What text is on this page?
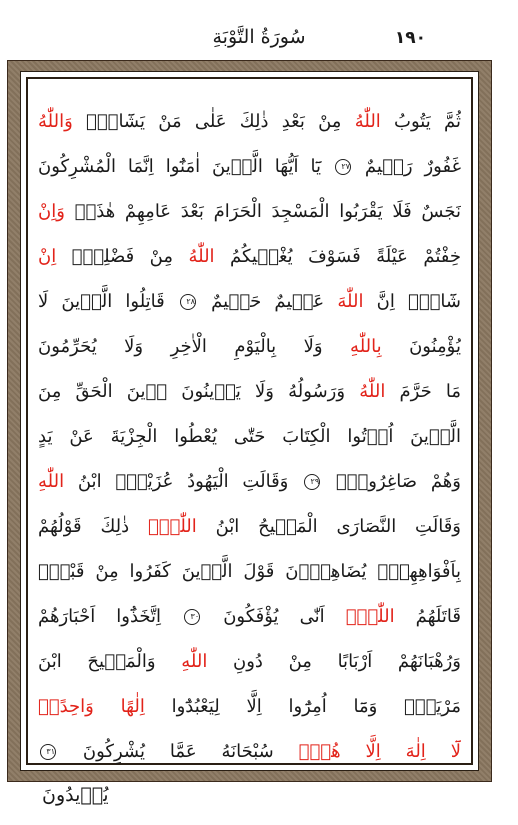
١٩٠
سُورَةُ التَّوْبَةِ
ثُمَّ يَتُوبُ اللّٰهُ مِنْ بَعْدِ ذٰلِكَ عَلٰى مَنْ يَشَٓاءُۜ وَاللّٰهُ
غَفُورٌ رَحٖيمٌ ٢٧ يَٓا اَيُّهَا الَّذٖينَ اٰمَنُٓوا اِنَّمَا الْمُشْرِكُونَ
نَجَسٌ فَلَا يَقْرَبُوا الْمَسْجِدَ الْحَرَامَ بَعْدَ عَامِهِمْ هٰذَاۚ وَاِنْ
خِفْتُمْ عَيْلَةً فَسَوْفَ يُغْنٖيكُمُ اللّٰهُ مِنْ فَضْلِهٖٓ اِنْ
شَٓاءَۜ اِنَّ اللّٰهَ عَلٖيمٌ حَكٖيمٌ ٢٨ قَاتِلُوا الَّذٖينَ لَا
يُؤْمِنُونَ بِاللّٰهِ وَلَا بِالْيَوْمِ الْاٰخِرِ وَلَا يُحَرِّمُونَ
مَا حَرَّمَ اللّٰهُ وَرَسُولُهُ وَلَا يَدٖينُونَ دٖينَ الْحَقِّ مِنَ
الَّذٖينَ اُو۫تُوا الْكِتَابَ حَتّٰى يُعْطُوا الْجِزْيَةَ عَنْ يَدٍ
وَهُمْ صَاغِرُونَ۟ ٢٩ وَقَالَتِ الْيَهُودُ عُزَيْرٌۨ ابْنُ اللّٰهِ
وَقَالَتِ النَّصَارَى الْمَسٖيحُ ابْنُ اللّٰهِۜ ذٰلِكَ قَوْلُهُمْ
بِاَفْوَاهِهِمْۚ يُضَاهِؤُ۫نَ قَوْلَ الَّذٖينَ كَفَرُوا مِنْ قَبْلُۜ
قَاتَلَهُمُ اللّٰهُۚ اَنّٰى يُؤْفَكُونَ ٣٠ اِتَّخَذُٓوا اَحْبَارَهُمْ
وَرُهْبَانَهُمْ اَرْبَابًا مِنْ دُونِ اللّٰهِ وَالْمَسٖيحَ ابْنَ
مَرْيَمَۚ وَمَٓا اُمِرُٓوا اِلَّا لِيَعْبُدُٓوا اِلٰهًا وَاحِدًاۚ
لَٓا اِلٰهَ اِلَّا هُوَۜ سُبْحَانَهُ عَمَّا يُشْرِكُونَ ٣١
يُرٖيدُونَ
